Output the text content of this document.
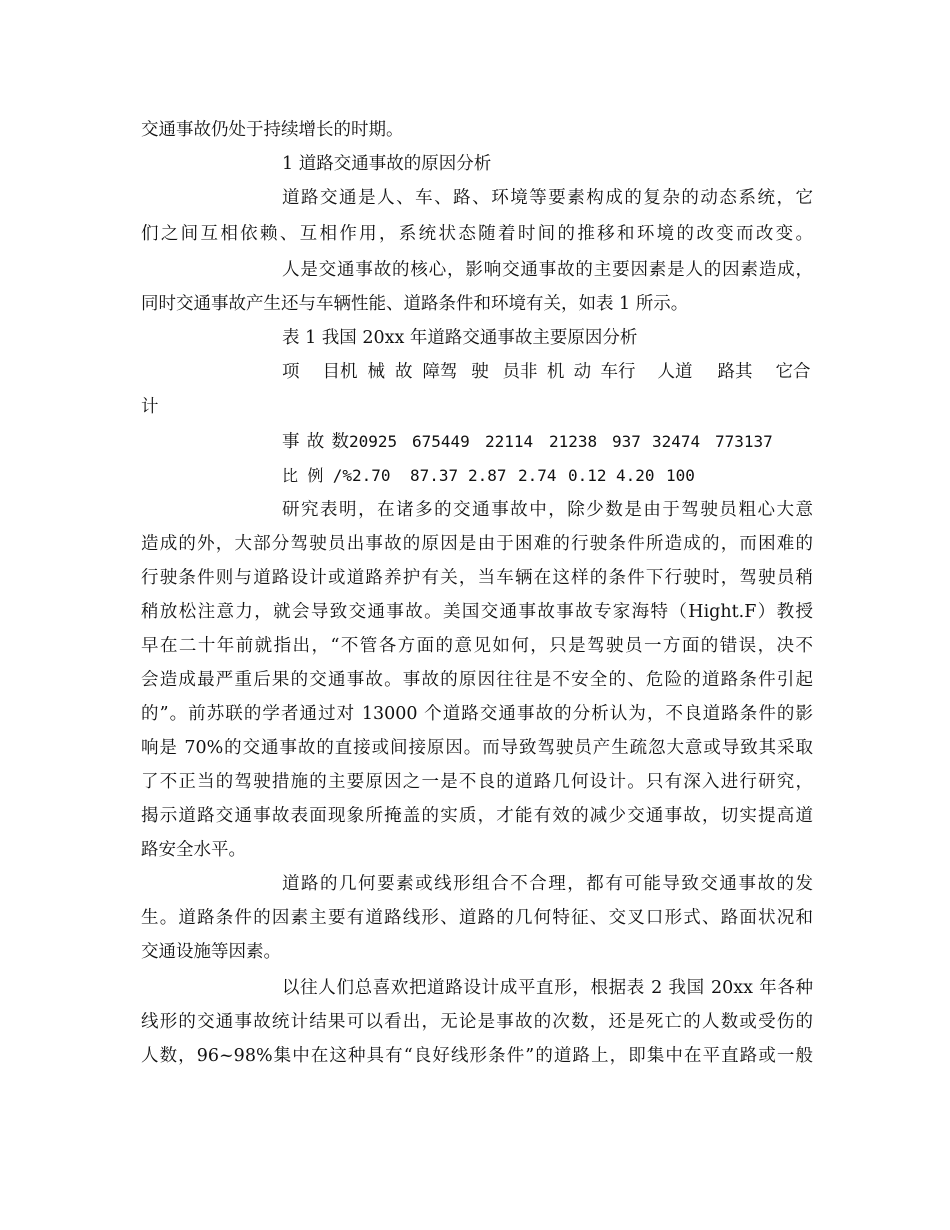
交通事故仍处于持续增长的时期。
1 道路交通事故的原因分析
道路交通是人、车、路、环境等要素构成的复杂的动态系统，它
们之间互相依赖、互相作用，系统状态随着时间的推移和环境的改变而改变。
人是交通事故的核心，影响交通事故的主要因素是人的因素造成，
同时交通事故产生还与车辆性能、道路条件和环境有关，如表 1 所示。
表 1 我国 20xx 年道路交通事故主要原因分析
项目 机械故障 驾驶员 非机动车 行人 道路 其它 合
计
事故数 20925 675449 22114 21238 937 32474 773137
比例/% 2.70	87.37 2.87 2.74 0.12 4.20 100
研究表明，在诸多的交通事故中，除少数是由于驾驶员粗心大意
造成的外，大部分驾驶员出事故的原因是由于困难的行驶条件所造成的，而困难的
行驶条件则与道路设计或道路养护有关，当车辆在这样的条件下行驶时，驾驶员稍
稍放松注意力，就会导致交通事故。美国交通事故事故专家海特（Hight.F）教授
早在二十年前就指出，“不管各方面的意见如何，只是驾驶员一方面的错误，决不
会造成最严重后果的交通事故。事故的原因往往是不安全的、危险的道路条件引起
的”。前苏联的学者通过对 13000 个道路交通事故的分析认为，不良道路条件的影
响是 70%的交通事故的直接或间接原因。而导致驾驶员产生疏忽大意或导致其采取
了不正当的驾驶措施的主要原因之一是不良的道路几何设计。只有深入进行研究，
揭示道路交通事故表面现象所掩盖的实质，才能有效的减少交通事故，切实提高道
路安全水平。
道路的几何要素或线形组合不合理，都有可能导致交通事故的发
生。道路条件的因素主要有道路线形、道路的几何特征、交叉口形式、路面状况和
交通设施等因素。
以往人们总喜欢把道路设计成平直形，根据表 2 我国 20xx 年各种
线形的交通事故统计结果可以看出，无论是事故的次数，还是死亡的人数或受伤的
人数，96~98%集中在这种具有“良好线形条件”的道路上，即集中在平直路或一般
